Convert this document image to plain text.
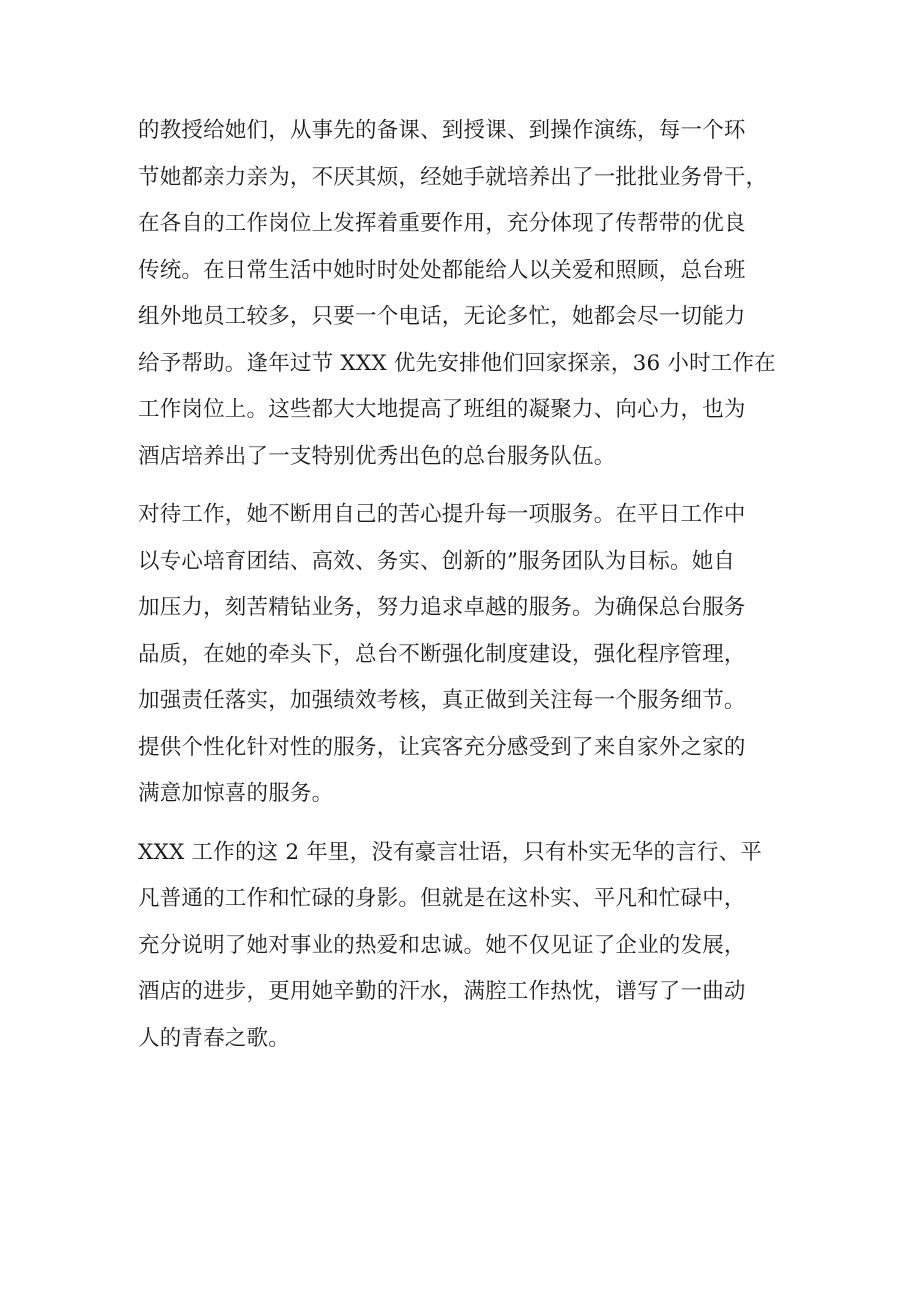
的教授给她们，从事先的备课、到授课、到操作演练，每一个环
节她都亲力亲为，不厌其烦，经她手就培养出了一批批业务骨干，
在各自的工作岗位上发挥着重要作用，充分体现了传帮带的优良
传统。在日常生活中她时时处处都能给人以关爱和照顾，总台班
组外地员工较多，只要一个电话，无论多忙，她都会尽一切能力
给予帮助。逢年过节 XXX 优先安排他们回家探亲，36 小时工作在
工作岗位上。这些都大大地提高了班组的凝聚力、向心力，也为
酒店培养出了一支特别优秀出色的总台服务队伍。
对待工作，她不断用自己的苦心提升每一项服务。在平日工作中
以专心培育团结、高效、务实、创新的”服务团队为目标。她自
加压力，刻苦精钻业务，努力追求卓越的服务。为确保总台服务
品质，在她的牵头下，总台不断强化制度建设，强化程序管理，
加强责任落实，加强绩效考核，真正做到关注每一个服务细节。
提供个性化针对性的服务，让宾客充分感受到了来自家外之家的
满意加惊喜的服务。
XXX 工作的这 2 年里，没有豪言壮语，只有朴实无华的言行、平
凡普通的工作和忙碌的身影。但就是在这朴实、平凡和忙碌中，
充分说明了她对事业的热爱和忠诚。她不仅见证了企业的发展，
酒店的进步，更用她辛勤的汗水，满腔工作热忱，谱写了一曲动
人的青春之歌。
